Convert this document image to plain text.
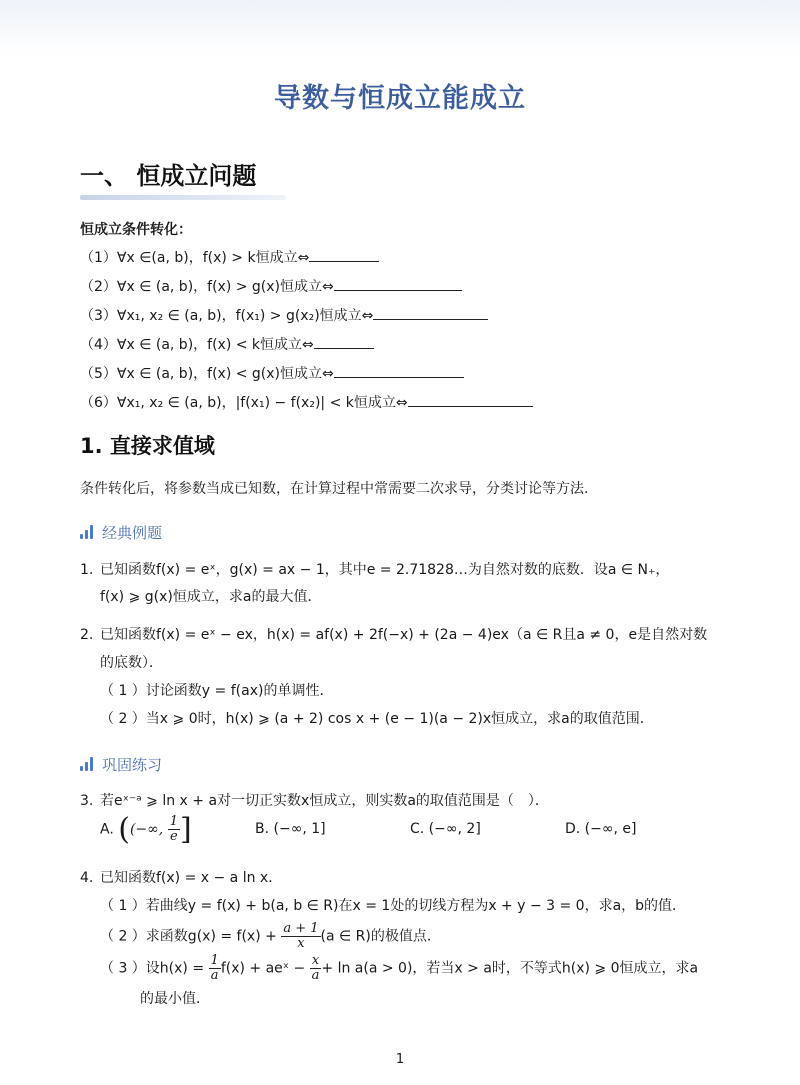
导数与恒成立能成立
一、 恒成立问题
恒成立条件转化：
（1）∀x ∈(a, b)，f(x) > k恒成立⇔
（2）∀x ∈ (a, b)，f(x) > g(x)恒成立⇔
（3）∀x₁, x₂ ∈ (a, b)，f(x₁) > g(x₂)恒成立⇔
（4）∀x ∈ (a, b)，f(x) < k恒成立⇔
（5）∀x ∈ (a, b)，f(x) < g(x)恒成立⇔
（6）∀x₁, x₂ ∈ (a, b)，|f(x₁) − f(x₂)| < k恒成立⇔
1. 直接求值域
条件转化后，将参数当成已知数，在计算过程中常需要二次求导，分类讨论等方法.
经典例题
1. 已知函数f(x) = eˣ，g(x) = ax − 1，其中e = 2.71828…为自然对数的底数．设a ∈ N₊，
f(x) ⩾ g(x)恒成立，求a的最大值．
2. 已知函数f(x) = eˣ − ex，h(x) = af(x) + 2f(−x) + (2a − 4)ex（a ∈ R且a ≠ 0，e是自然对数
的底数）．
（ 1 ）讨论函数y = f(ax)的单调性．
（ 2 ）当x ⩾ 0时，h(x) ⩾ (a + 2) cos x + (e − 1)(a − 2)x恒成立，求a的取值范围．
巩固练习
3. 若eˣ⁻ᵃ ⩾ ln x + a对一切正实数x恒成立，则实数a的取值范围是（　）．
A. ((−∞, $\frac{1}{e}$ ]	B. (−∞, 1]	C. (−∞, 2]	D. (−∞, e]
4. 已知函数f(x) = x − a ln x．
（ 1 ）若曲线y = f(x) + b(a, b ∈ R)在x = 1处的切线方程为x + y − 3 = 0，求a，b的值．
（ 2 ）求函数$g(x) = f(x) + \frac{a + 1}{x} (a$ ∈ R)的极值点．
（ 3 ）设$h(x) = \frac{1}{a} f(x)$ + aeˣ − $\frac{x}{a} + \ln a(a > 0)$，若当x > a时，不等式h(x) ⩾ 0恒成立，求a
的最小值．
1
